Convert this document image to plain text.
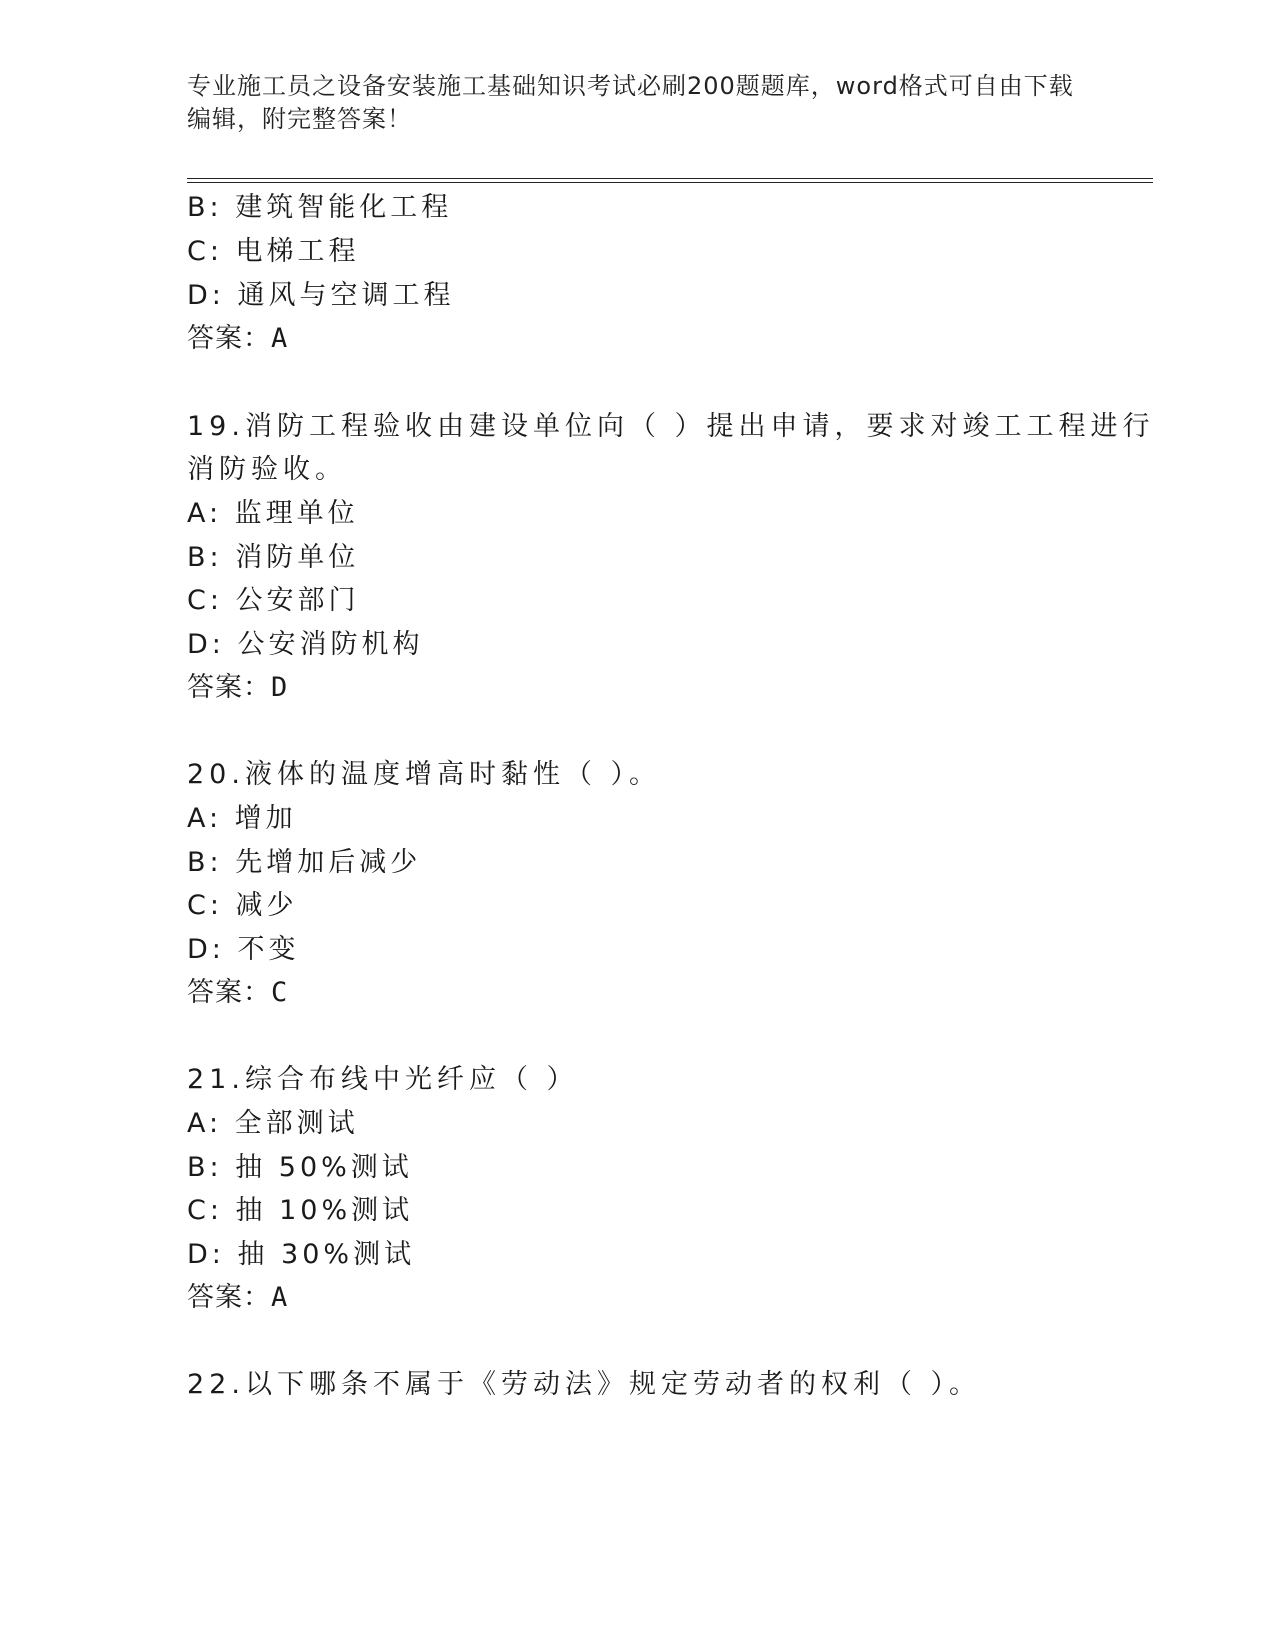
专业施工员之设备安装施工基础知识考试必刷200题题库，word格式可自由下载
编辑，附完整答案！
B: 建筑智能化工程
C: 电梯工程
D: 通风与空调工程
答案：A
19.消防工程验收由建设单位向（ ）提出申请，要求对竣工工程进行
消防验收。
A: 监理单位
B: 消防单位
C: 公安部门
D: 公安消防机构
答案：D
20.液体的温度增高时黏性（ ）。
A: 增加
B: 先增加后减少
C: 减少
D: 不变
答案：C
21.综合布线中光纤应（ ）
A: 全部测试
B: 抽 50%测试
C: 抽 10%测试
D: 抽 30%测试
答案：A
22.以下哪条不属于《劳动法》规定劳动者的权利（ ）。
